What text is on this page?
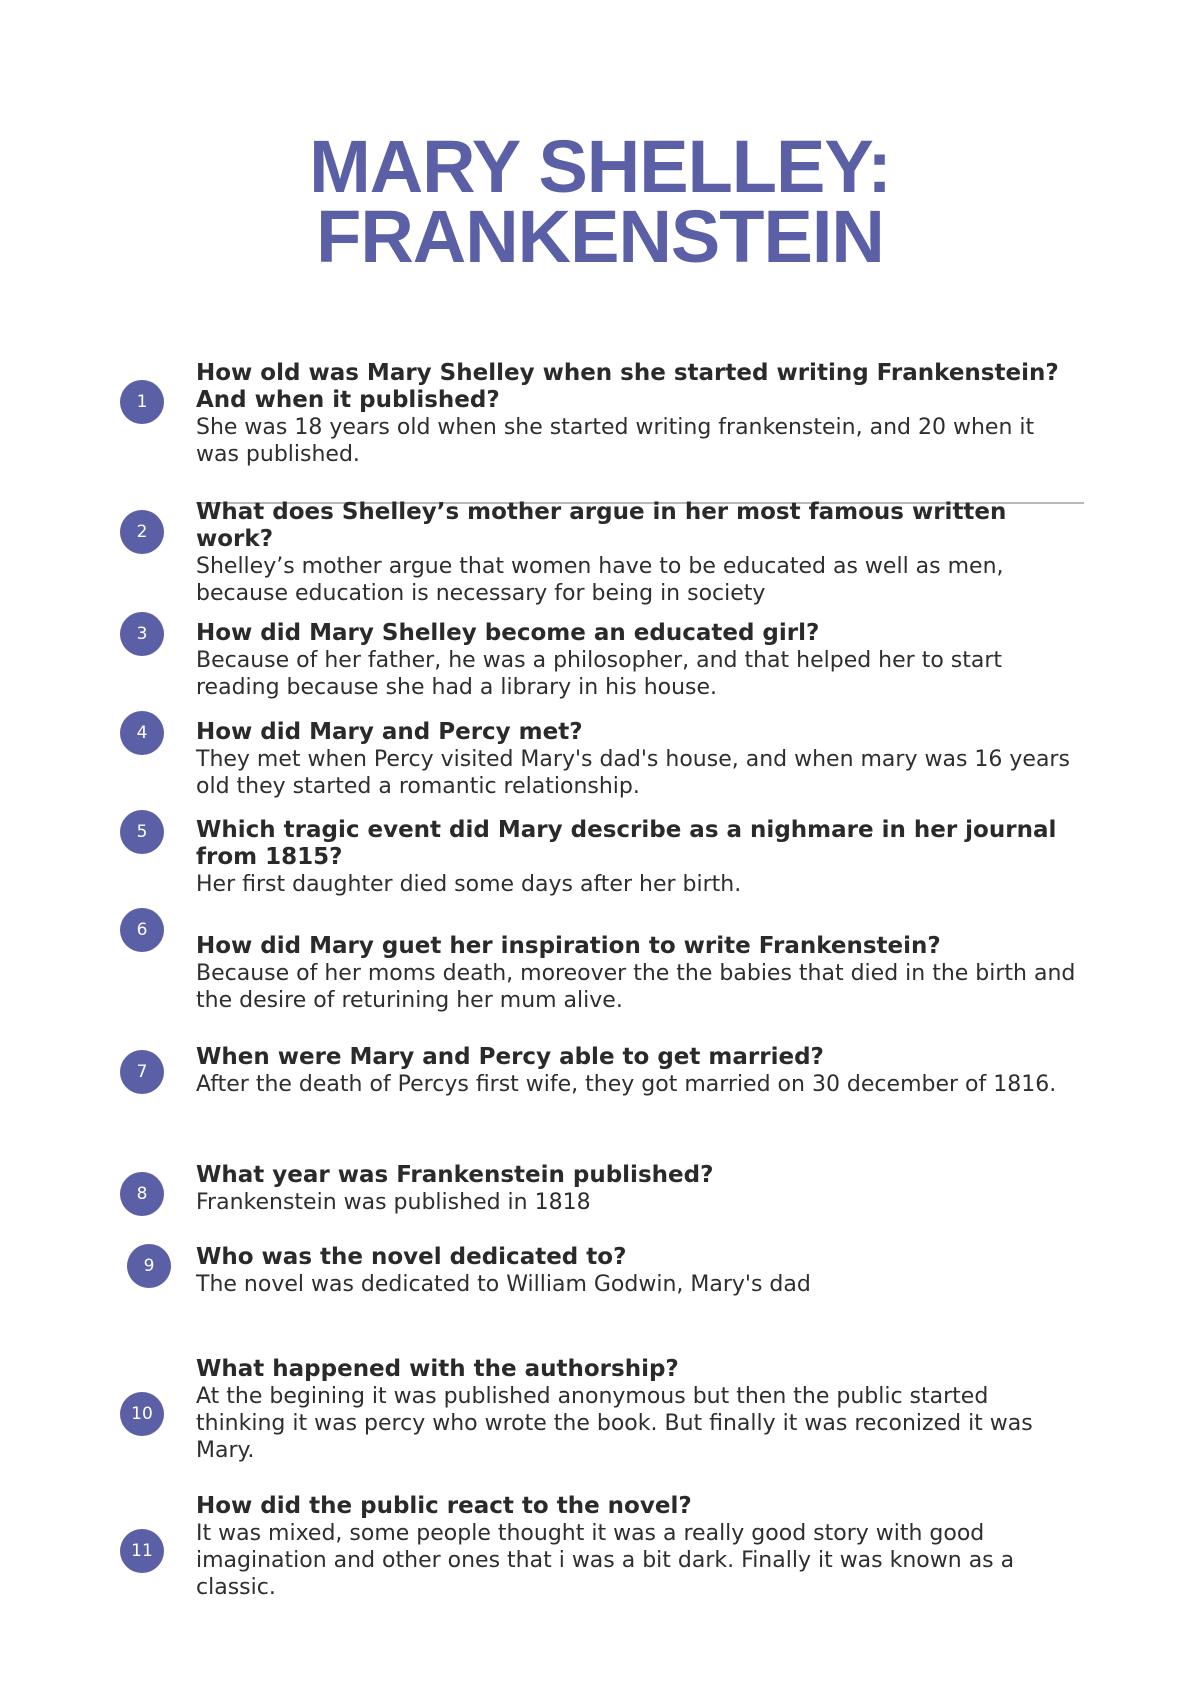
MARY SHELLEY:
FRANKENSTEIN
1
How old was Mary Shelley when she started writing Frankenstein? And when it published?
She was 18 years old when she started writing frankenstein, and 20 when it was published.
2
What does Shelley’s mother argue in her most famous written work?
Shelley’s mother argue that women have to be educated as well as men, because education is necessary for being in society
3	How did Mary Shelley become an educated girl?
Because of her father, he was a philosopher, and that helped her to start reading because she had a library in his house.
4	How did Mary and Percy met?
They met when Percy visited Mary's dad's house, and when mary was 16 years old they started a romantic relationship.
5	Which tragic event did Mary describe as a nighmare in her journal from 1815?
Her first daughter died some days after her birth.
6
How did Mary guet her inspiration to write Frankenstein?
Because of her moms death, moreover the the babies that died in the birth and the desire of returining her mum alive.
7
When were Mary and Percy able to get married?
After the death of Percys first wife, they got married on 30 december of 1816.
8
What year was Frankenstein published?
Frankenstein was published in 1818
9	Who was the novel dedicated to?
The novel was dedicated to William Godwin, Mary's dad
10
What happened with the authorship?
At the begining it was published anonymous but then the public started thinking it was percy who wrote the book. But finally it was reconized it was Mary.
11
How did the public react to the novel?
It was mixed, some people thought it was a really good story with good imagination and other ones that i was a bit dark. Finally it was known as a classic.
